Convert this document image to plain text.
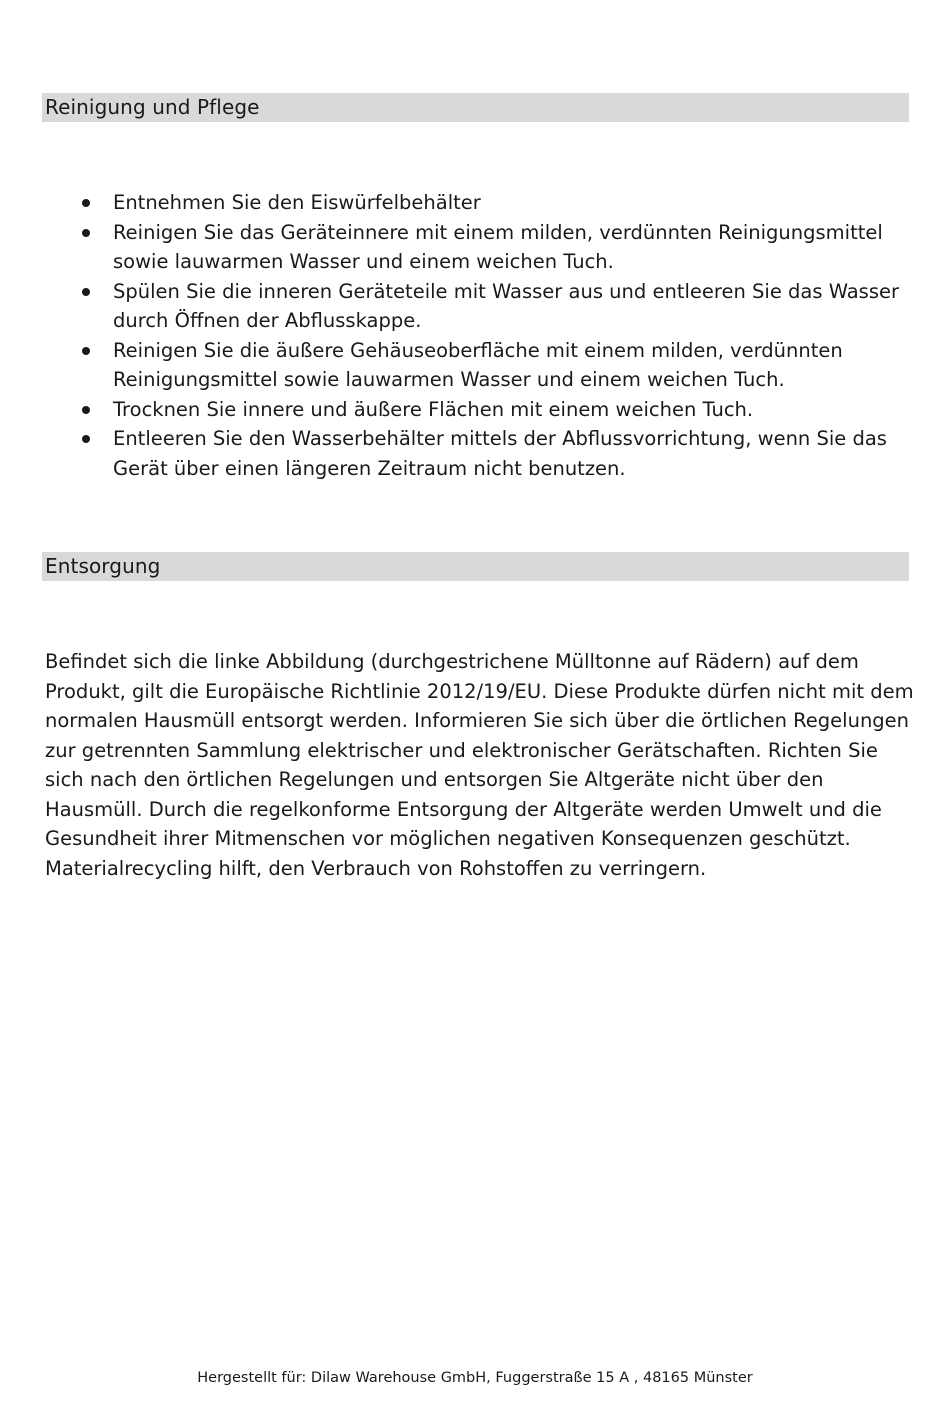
Reinigung und Pflege
Entnehmen Sie den Eiswürfelbehälter
Reinigen Sie das Geräteinnere mit einem milden, verdünnten Reinigungsmittel sowie lauwarmen Wasser und einem weichen Tuch.
Spülen Sie die inneren Geräteteile mit Wasser aus und entleeren Sie das Wasser durch Öffnen der Abflusskappe.
Reinigen Sie die äußere Gehäuseoberfläche mit einem milden, verdünnten Reinigungsmittel sowie lauwarmen Wasser und einem weichen Tuch.
Trocknen Sie innere und äußere Flächen mit einem weichen Tuch.
Entleeren Sie den Wasserbehälter mittels der Abflussvorrichtung, wenn Sie das Gerät über einen längeren Zeitraum nicht benutzen.
Entsorgung

Befindet sich die linke Abbildung (durchgestrichene Mülltonne auf Rädern) auf dem Produkt, gilt die Europäische Richtlinie 2012/19/EU. Diese Produkte dürfen nicht mit dem normalen Hausmüll entsorgt werden. Informieren Sie sich über die örtlichen Regelungen zur getrennten Sammlung elektrischer und elektronischer Gerätschaften. Richten Sie sich nach den örtlichen Regelungen und entsorgen Sie Altgeräte nicht über den Hausmüll. Durch die regelkonforme Entsorgung der Altgeräte werden Umwelt und die Gesundheit ihrer Mitmenschen vor möglichen negativen Konsequenzen geschützt. Materialrecycling hilft, den Verbrauch von Rohstoffen zu verringern.

Hergestellt für: Dilaw Warehouse GmbH, Fuggerstraße 15 A , 48165 Münster
